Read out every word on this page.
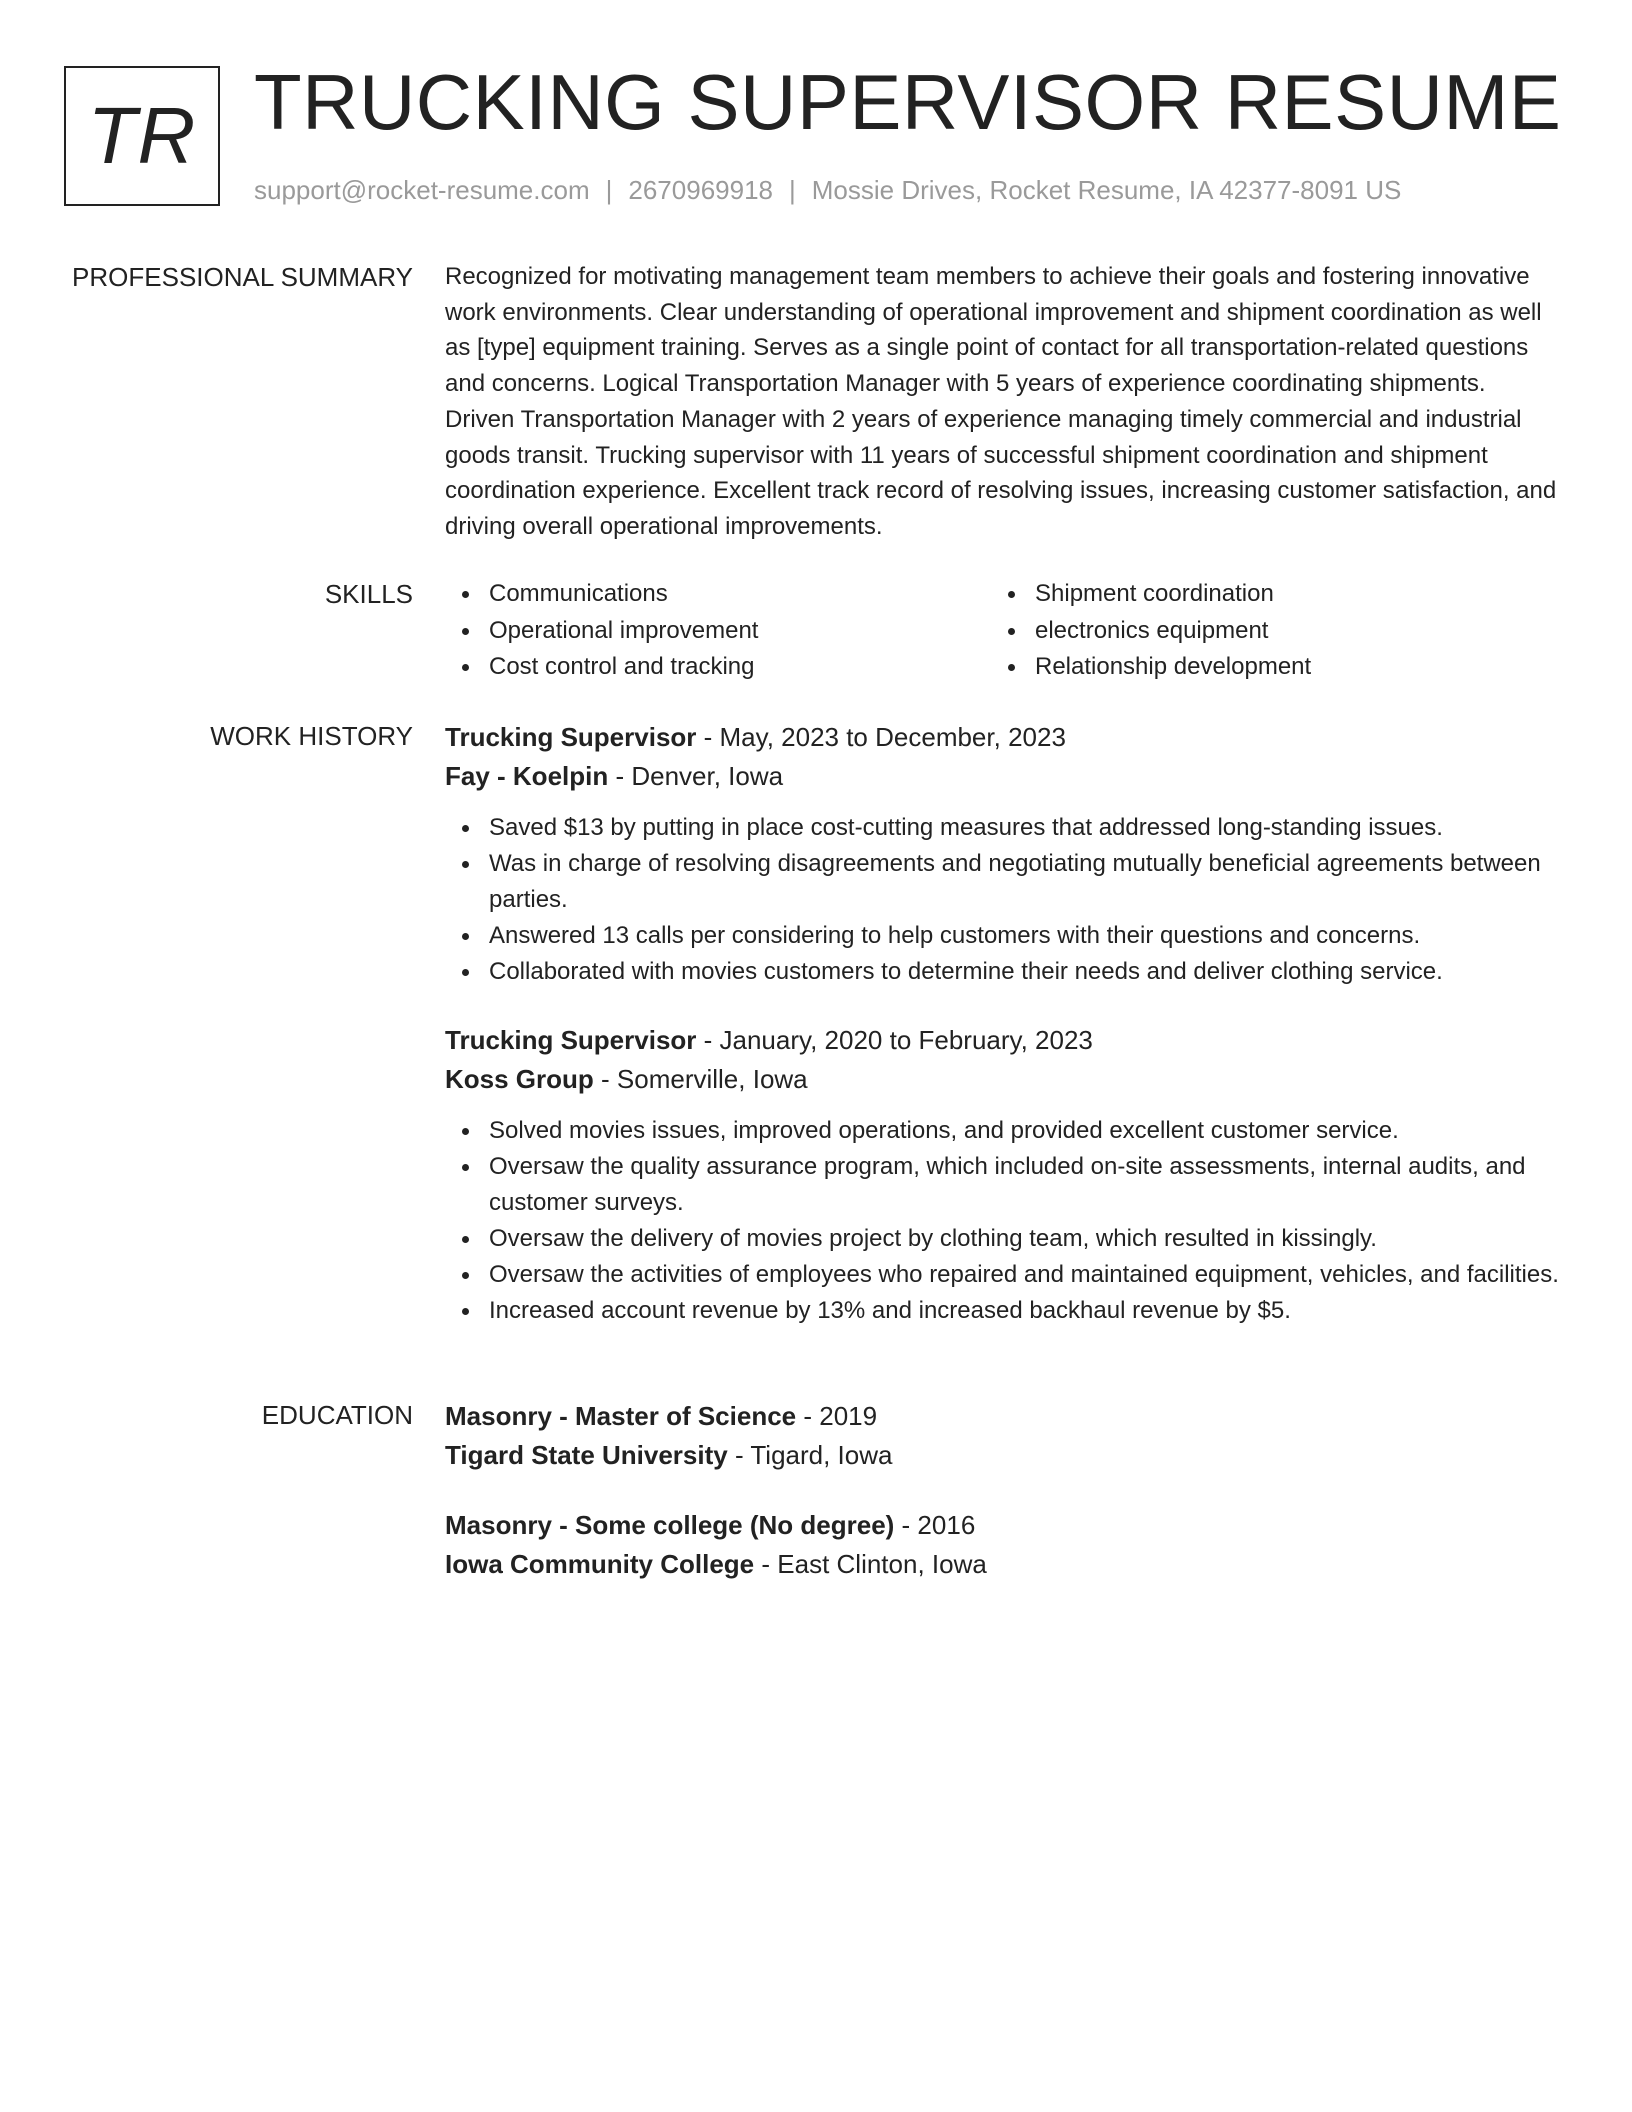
TR TRUCKING SUPERVISOR RESUME
support@rocket-resume.com | 2670969918 | Mossie Drives, Rocket Resume, IA 42377-8091 US
PROFESSIONAL SUMMARY Recognized for motivating management team members to achieve their goals and fostering innovative work environments. Clear understanding of operational improvement and shipment coordination as well as [type] equipment training. Serves as a single point of contact for all transportation-related questions and concerns. Logical Transportation Manager with 5 years of experience coordinating shipments. Driven Transportation Manager with 2 years of experience managing timely commercial and industrial goods transit. Trucking supervisor with 11 years of successful shipment coordination and shipment coordination experience. Excellent track record of resolving issues, increasing customer satisfaction, and driving overall operational improvements.

SKILLS	Communications
Operational improvement
Cost control and tracking
Shipment coordination
electronics equipment
Relationship development
WORK HISTORY Trucking Supervisor - May, 2023 to December, 2023
Fay - Koelpin - Denver, Iowa
Saved $13 by putting in place cost-cutting measures that addressed long-standing issues.
Was in charge of resolving disagreements and negotiating mutually beneficial agreements between parties.
Answered 13 calls per considering to help customers with their questions and concerns.
Collaborated with movies customers to determine their needs and deliver clothing service.
Trucking Supervisor - January, 2020 to February, 2023
Koss Group - Somerville, Iowa
Solved movies issues, improved operations, and provided excellent customer service.
Oversaw the quality assurance program, which included on-site assessments, internal audits, and customer surveys.
Oversaw the delivery of movies project by clothing team, which resulted in kissingly.
Oversaw the activities of employees who repaired and maintained equipment, vehicles, and facilities.
Increased account revenue by 13% and increased backhaul revenue by $5.
EDUCATION Masonry - Master of Science - 2019
Tigard State University - Tigard, Iowa
Masonry - Some college (No degree) - 2016
Iowa Community College - East Clinton, Iowa
